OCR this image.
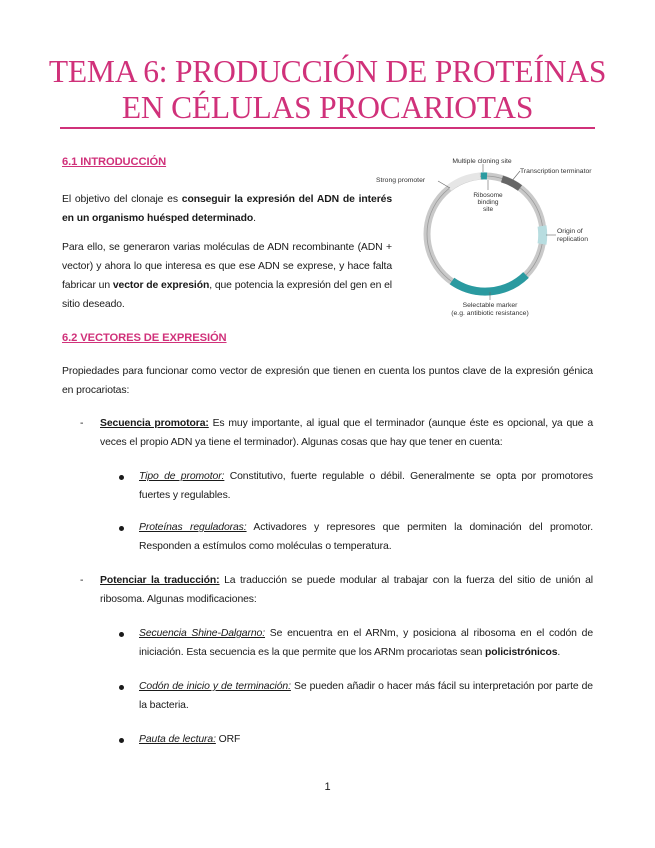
TEMA 6: PRODUCCIÓN DE PROTEÍNAS
EN CÉLULAS PROCARIOTAS
6.1 INTRODUCCIÓN
El objetivo del clonaje es conseguir la expresión del ADN de interés en un organismo huésped determinado.
Para ello, se generaron varias moléculas de ADN recombinante (ADN + vector) y ahora lo que interesa es que ese ADN se exprese, y hace falta fabricar un vector de expresión, que potencia la expresión del gen en el sitio deseado.
Multiple cloning site
Strong promoter
Transcription terminator
Ribosome
binding
site
Origin of
replication
Selectable marker
(e.g. antibiotic resistance)
6.2 VECTORES DE EXPRESIÓN
Propiedades para funcionar como vector de expresión que tienen en cuenta los puntos clave de la expresión génica en procariotas:
- Secuencia promotora: Es muy importante, al igual que el terminador (aunque éste es opcional, ya que a veces el propio ADN ya tiene el terminador). Algunas cosas que hay que tener en cuenta:
Tipo de promotor: Constitutivo, fuerte regulable o débil. Generalmente se opta por promotores fuertes y regulables.
Proteínas reguladoras: Activadores y represores que permiten la dominación del promotor. Responden a estímulos como moléculas o temperatura.
- Potenciar la traducción: La traducción se puede modular al trabajar con la fuerza del sitio de unión al ribosoma. Algunas modificaciones:
Secuencia Shine-Dalgarno: Se encuentra en el ARNm, y posiciona al ribosoma en el codón de iniciación. Esta secuencia es la que permite que los ARNm procariotas sean policistrónicos.
Codón de inicio y de terminación: Se pueden añadir o hacer más fácil su interpretación por parte de la bacteria.
Pauta de lectura: ORF
1
